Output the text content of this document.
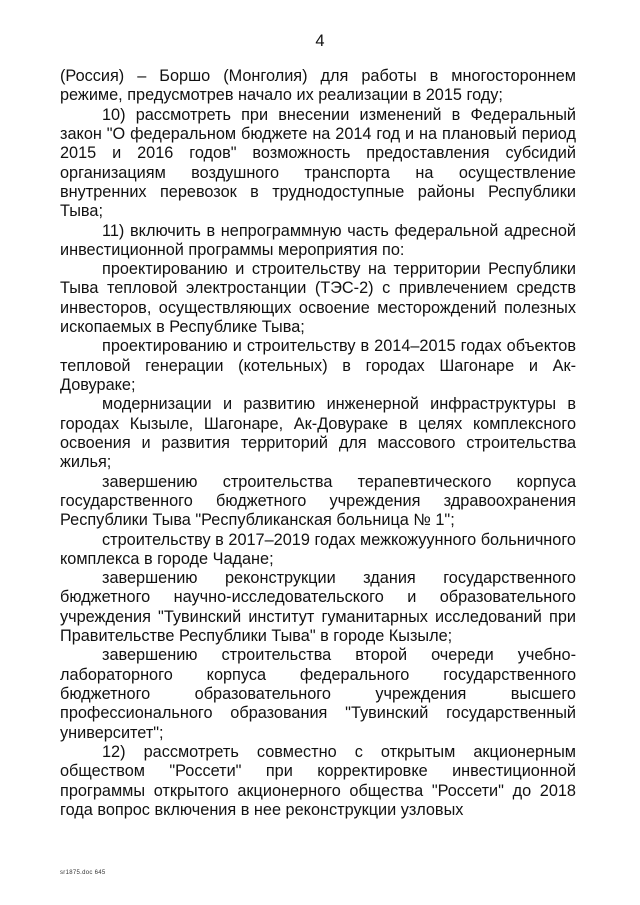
4

(Россия) – Боршо (Монголия) для работы в многостороннем режиме, предусмотрев начало их реализации в 2015 году;

10) рассмотреть при внесении изменений в Федеральный закон "О федеральном бюджете на 2014 год и на плановый период 2015 и 2016 годов" возможность предоставления субсидий организациям воздушного транспорта на осуществление внутренних перевозок в труднодоступные районы Республики Тыва;

11) включить в непрограммную часть федеральной адресной инвестиционной программы мероприятия по:

проектированию и строительству на территории Республики Тыва тепловой электростанции (ТЭС-2) с привлечением средств инвесторов, осуществляющих освоение месторождений полезных ископаемых в Республике Тыва;

проектированию и строительству в 2014–2015 годах объектов тепловой генерации (котельных) в городах Шагонаре и Ак-Довураке;

модернизации и развитию инженерной инфраструктуры в городах Кызыле, Шагонаре, Ак-Довураке в целях комплексного освоения и развития территорий для массового строительства жилья;

завершению строительства терапевтического корпуса государственного бюджетного учреждения здравоохранения Республики Тыва "Республиканская больница № 1";

строительству в 2017–2019 годах межкожуунного больничного комплекса в городе Чадане;

завершению реконструкции здания государственного бюджетного научно-исследовательского и образовательного учреждения "Тувинский институт гуманитарных исследований при Правительстве Республики Тыва" в городе Кызыле;

завершению строительства второй очереди учебно-лабораторного корпуса федерального государственного бюджетного образовательного учреждения высшего профессионального образования "Тувинский государственный университет";

12) рассмотреть совместно с открытым акционерным обществом "Россети" при корректировке инвестиционной программы открытого акционерного общества "Россети" до 2018 года вопрос включения в нее реконструкции узловых

sr1875.doc 645
